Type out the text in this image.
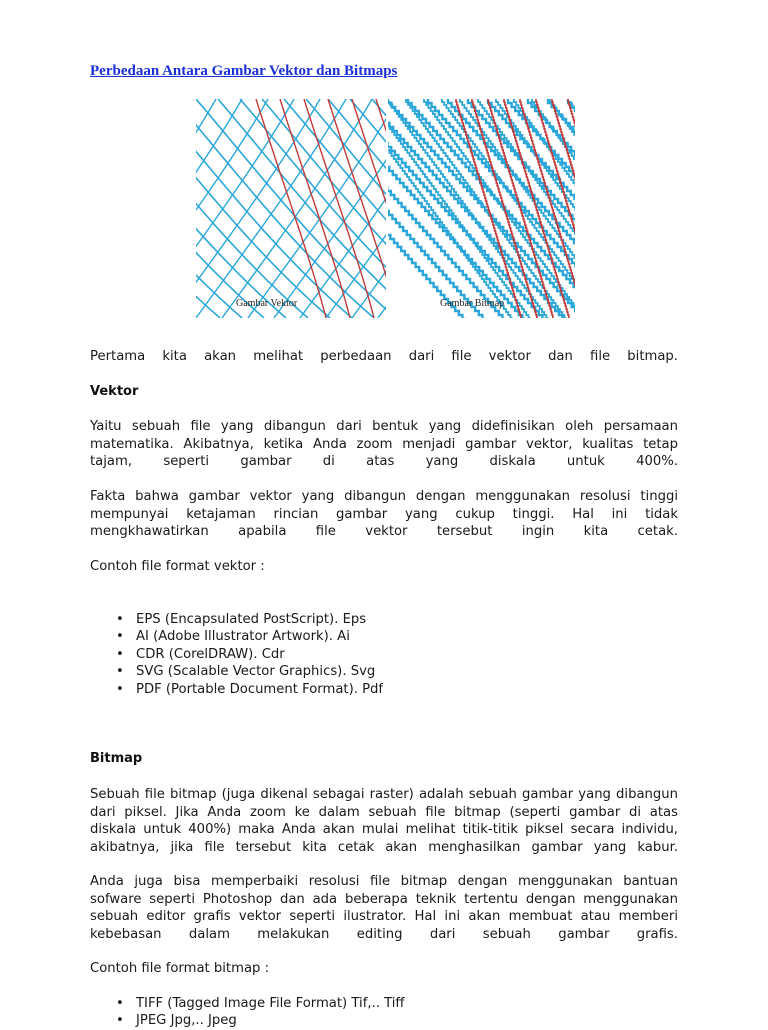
Perbedaan Antara Gambar Vektor dan Bitmaps
Gambar Vektor	Gambar Bitmap

Pertama kita akan melihat perbedaan dari file vektor dan file bitmap.

Vektor

Yaitu sebuah file yang dibangun dari bentuk yang didefinisikan oleh persamaan

matematika. Akibatnya, ketika Anda zoom menjadi gambar vektor, kualitas tetap

tajam, seperti gambar di atas yang diskala untuk 400%.

Fakta bahwa gambar vektor yang dibangun dengan menggunakan resolusi tinggi

mempunyai ketajaman rincian gambar yang cukup tinggi. Hal ini tidak

mengkhawatirkan apabila file vektor tersebut ingin kita cetak.

Contoh file format vektor :

• EPS (Encapsulated PostScript). Eps
• AI (Adobe Illustrator Artwork). Ai
• CDR (CorelDRAW). Cdr
• SVG (Scalable Vector Graphics). Svg
• PDF (Portable Document Format). Pdf

Bitmap

Sebuah file bitmap (juga dikenal sebagai raster) adalah sebuah gambar yang dibangun

dari piksel. Jika Anda zoom ke dalam sebuah file bitmap (seperti gambar di atas

diskala untuk 400%) maka Anda akan mulai melihat titik-titik piksel secara individu,

akibatnya, jika file tersebut kita cetak akan menghasilkan gambar yang kabur.

Anda juga bisa memperbaiki resolusi file bitmap dengan menggunakan bantuan

sofware seperti Photoshop dan ada beberapa teknik tertentu dengan menggunakan

sebuah editor grafis vektor seperti ilustrator. Hal ini akan membuat atau memberi

kebebasan dalam melakukan editing dari sebuah gambar grafis.

Contoh file format bitmap :

• TIFF (Tagged Image File Format) Tif,.. Tiff
• JPEG Jpg,.. Jpeg
